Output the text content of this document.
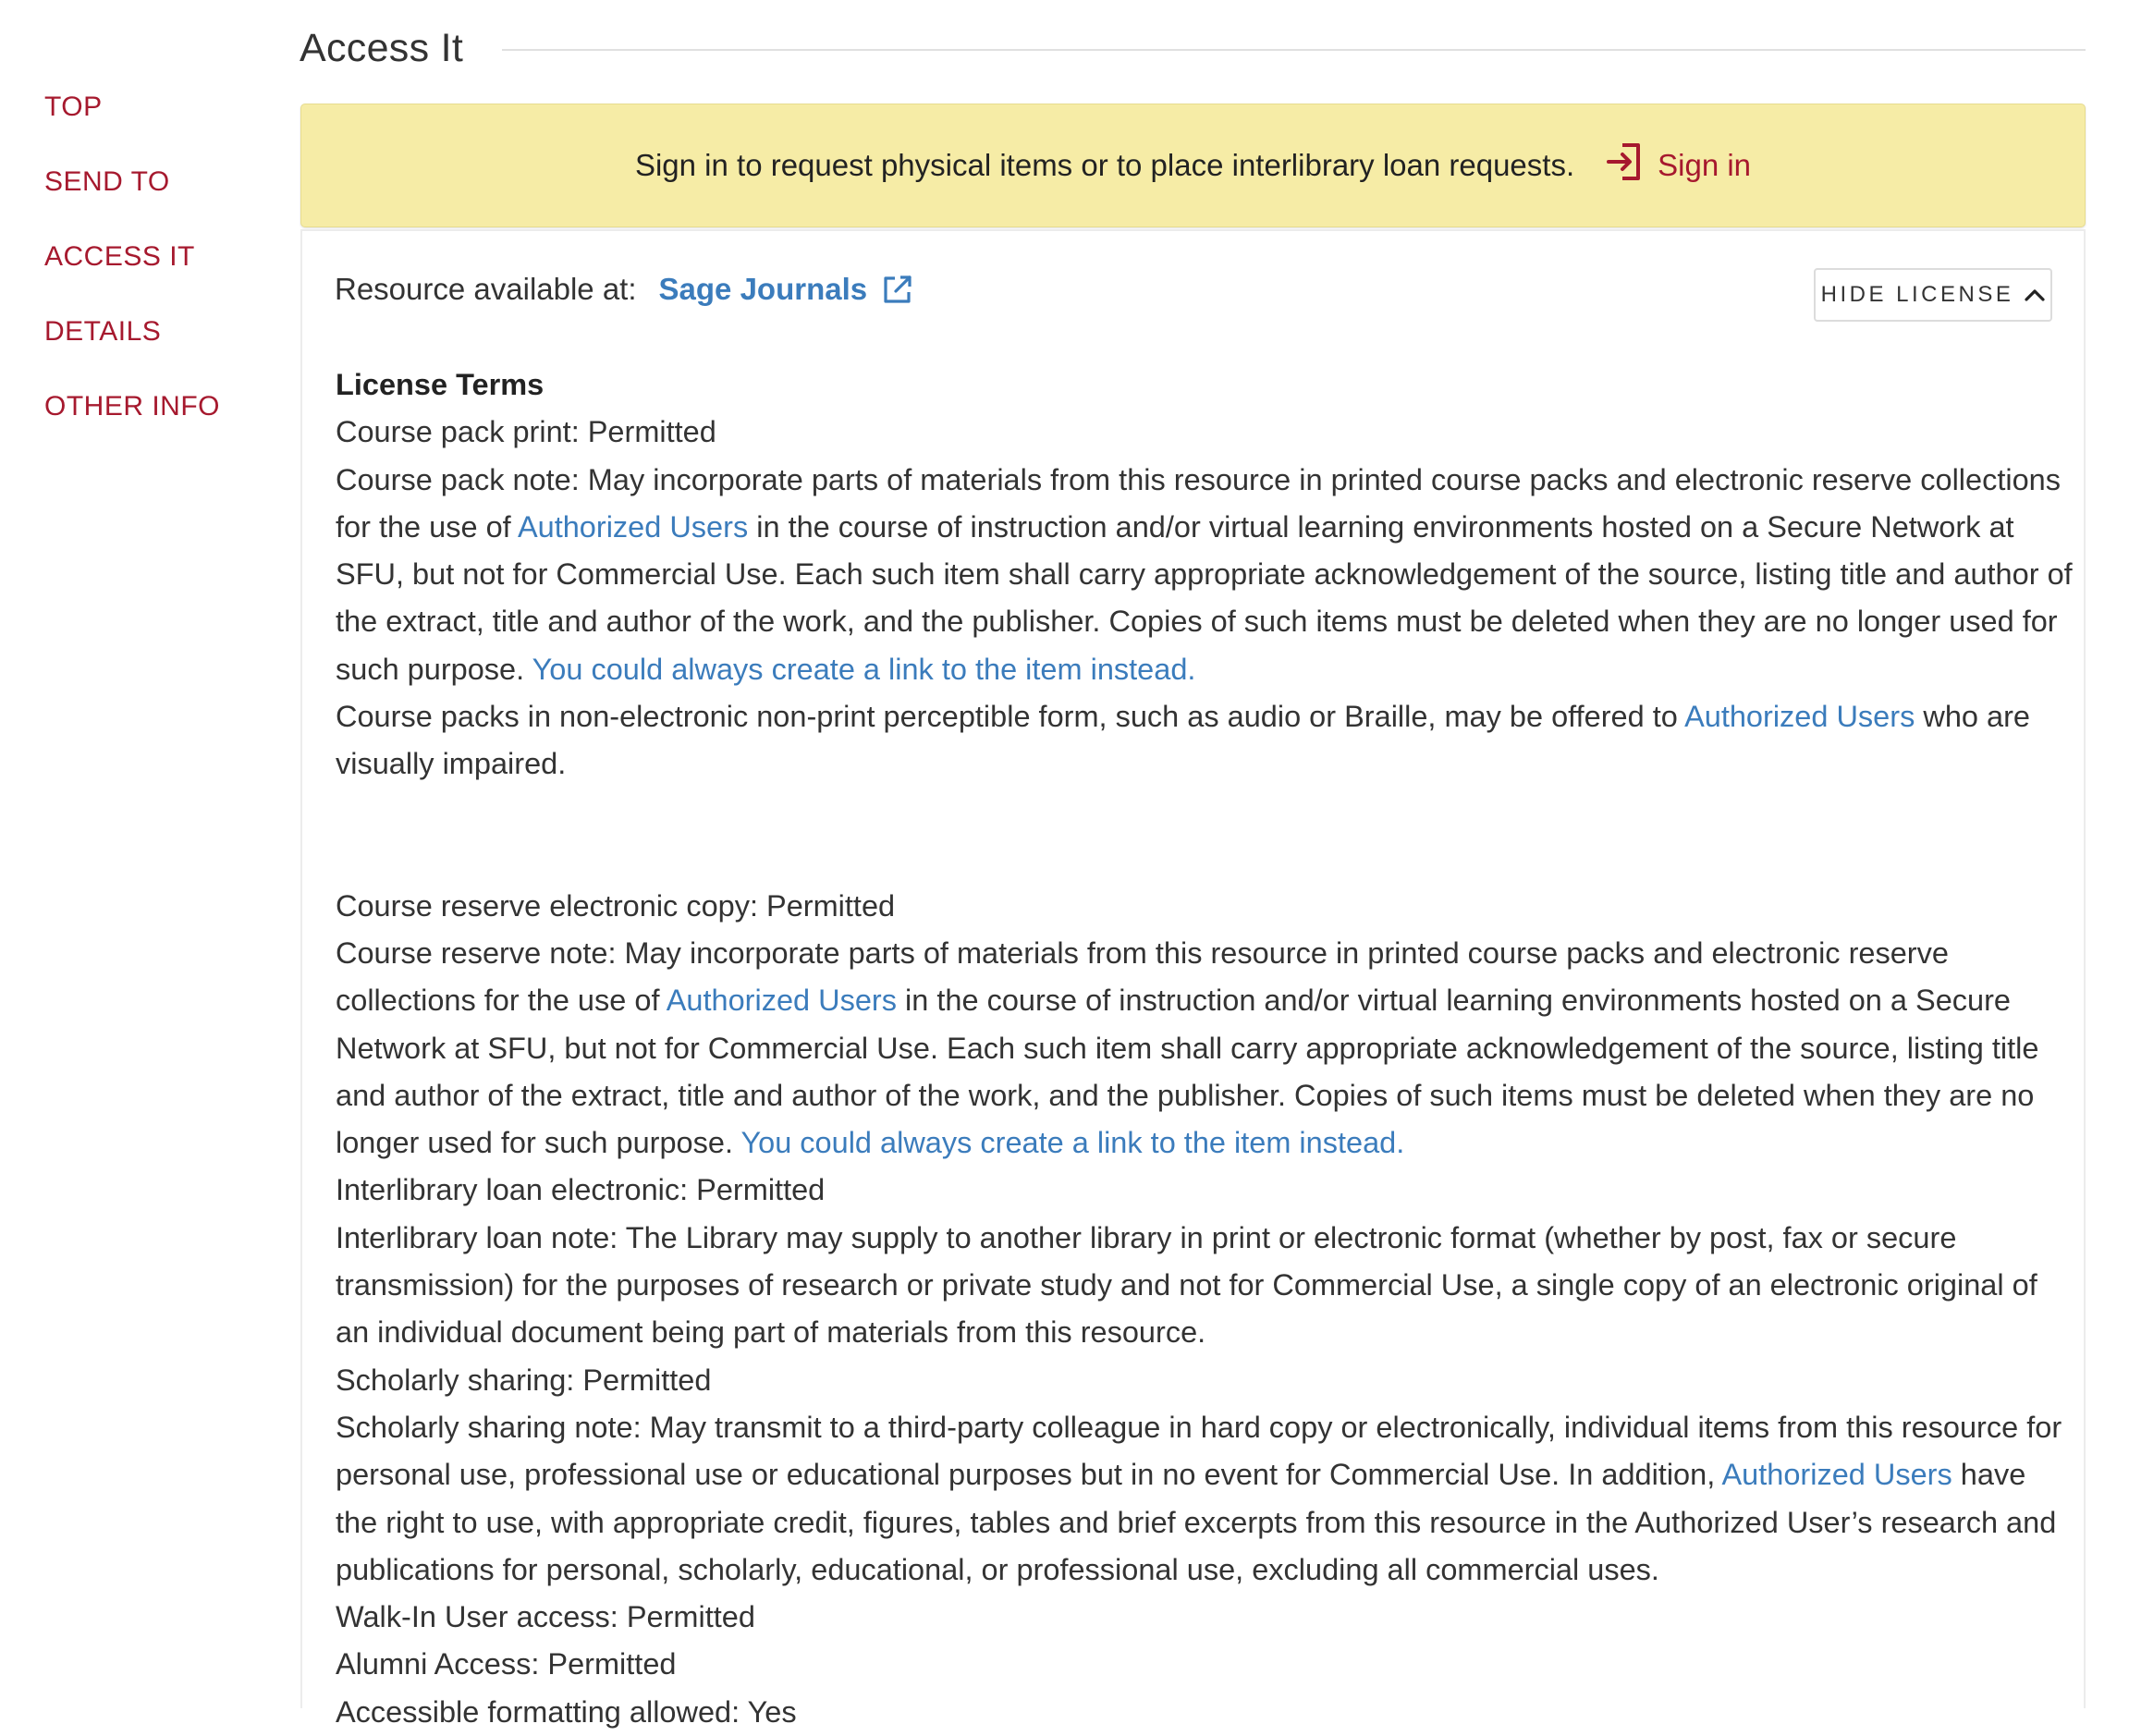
TOP
SEND TO
ACCESS IT
DETAILS
OTHER INFO
Access It
Sign in to request physical items or to place interlibrary loan requests.	Sign in
Resource available at: Sage Journals	HIDE LICENSE

License Terms

Course pack print: Permitted

Course pack note: May incorporate parts of materials from this resource in printed course packs and electronic reserve collections for the use of Authorized Users in the course of instruction and/or virtual learning environments hosted on a Secure Network at SFU, but not for Commercial Use. Each such item shall carry appropriate acknowledgement of the source, listing title and author of the extract, title and author of the work, and the publisher. Copies of such items must be deleted when they are no longer used for such purpose. You could always create a link to the item instead.

Course packs in non-electronic non-print perceptible form, such as audio or Braille, may be offered to Authorized Users who are visually impaired.

Course reserve electronic copy: Permitted

Course reserve note: May incorporate parts of materials from this resource in printed course packs and electronic reserve collections for the use of Authorized Users in the course of instruction and/or virtual learning environments hosted on a Secure Network at SFU, but not for Commercial Use. Each such item shall carry appropriate acknowledgement of the source, listing title and author of the extract, title and author of the work, and the publisher. Copies of such items must be deleted when they are no longer used for such purpose. You could always create a link to the item instead.

Interlibrary loan electronic: Permitted

Interlibrary loan note: The Library may supply to another library in print or electronic format (whether by post, fax or secure transmission) for the purposes of research or private study and not for Commercial Use, a single copy of an electronic original of an individual document being part of materials from this resource.

Scholarly sharing: Permitted

Scholarly sharing note: May transmit to a third-party colleague in hard copy or electronically, individual items from this resource for personal use, professional use or educational purposes but in no event for Commercial Use. In addition, Authorized Users have the right to use, with appropriate credit, figures, tables and brief excerpts from this resource in the Authorized User’s research and publications for personal, scholarly, educational, or professional use, excluding all commercial uses.

Walk-In User access: Permitted

Alumni Access: Permitted

Accessible formatting allowed: Yes
